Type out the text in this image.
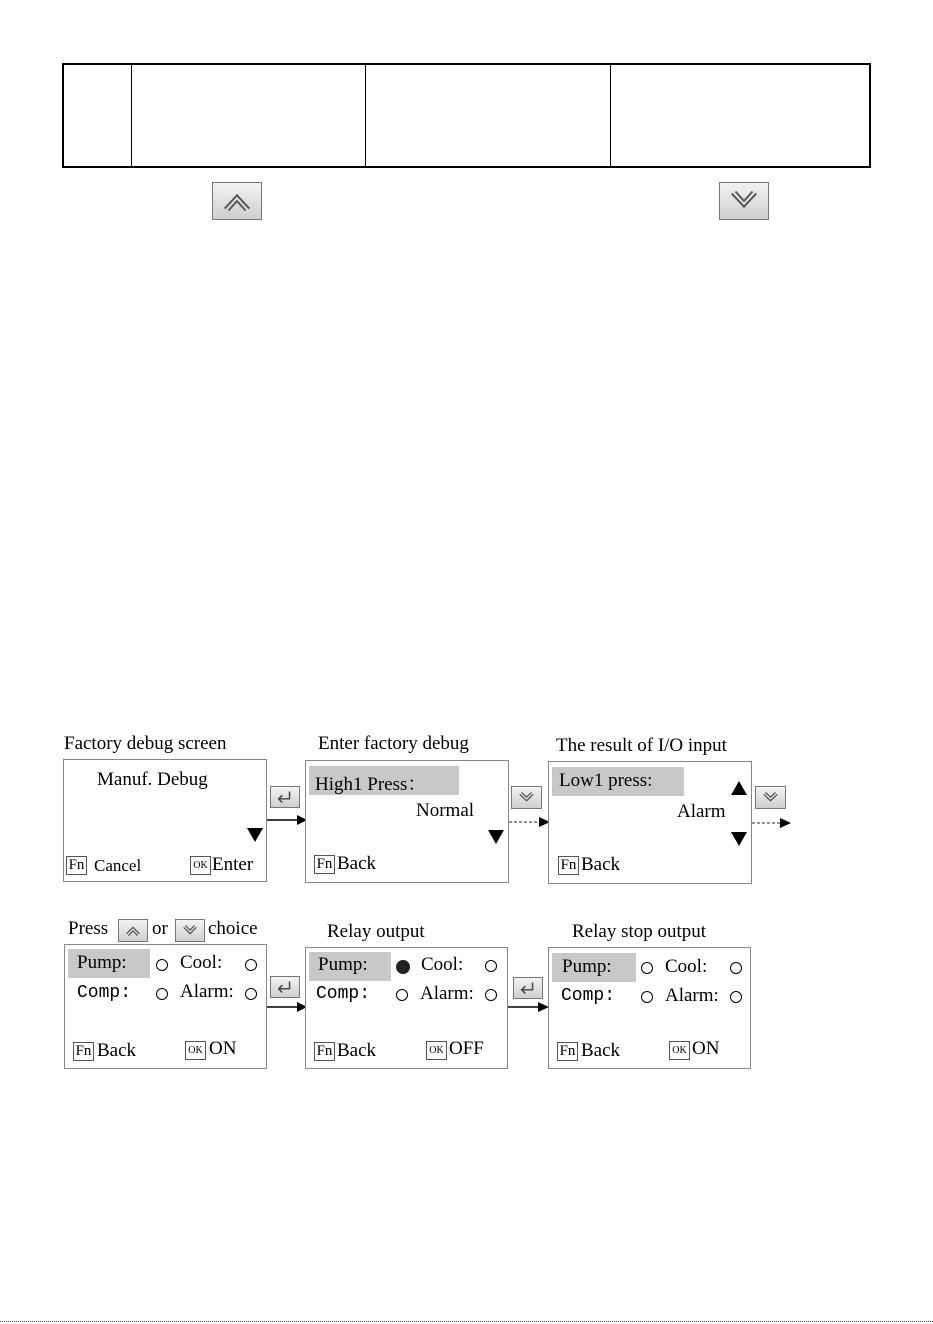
Factory debug screen	Enter factory debug	The result of I/O input
Manuf. Debug
Fn Cancel	OK Enter
High1 Press：
Normal
Fn Back
Low1 press:
Alarm
Fn Back
Press or choice	Relay output	Relay stop output
Pump:	Cool:
Comp:	Alarm:
Fn Back	OK ON
Pump:	Cool:
Comp:	Alarm:
Fn Back	OK OFF
Pump:	Cool:
Comp:	Alarm:
Fn Back	OK ON
